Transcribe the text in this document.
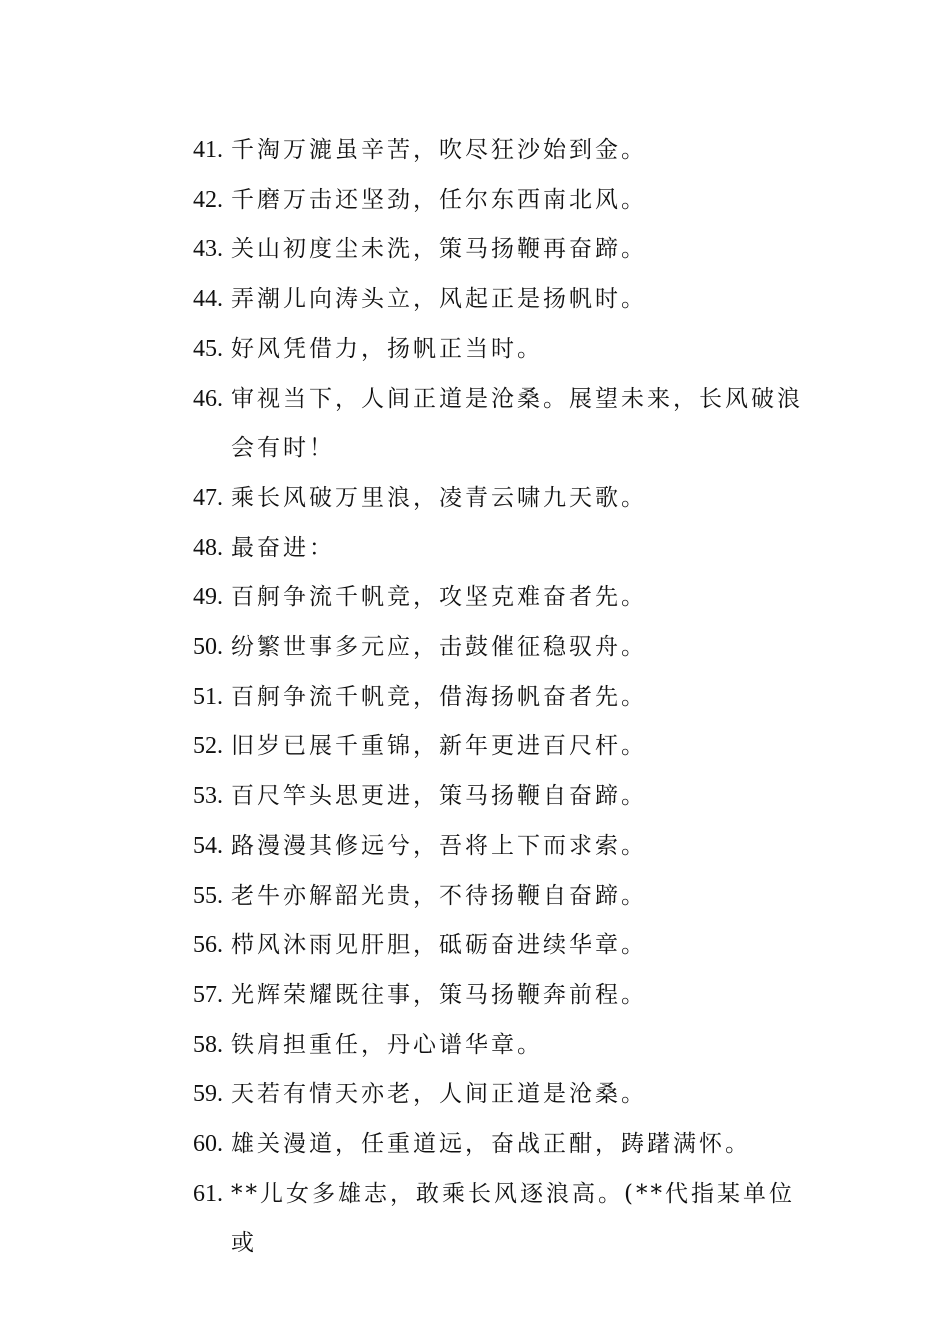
41. 千淘万漉虽辛苦，吹尽狂沙始到金。
42. 千磨万击还坚劲，任尔东西南北风。
43. 关山初度尘未洗，策马扬鞭再奋蹄。
44. 弄潮儿向涛头立，风起正是扬帆时。
45. 好风凭借力，扬帆正当时。
46. 审视当下，人间正道是沧桑。展望未来，长风破浪会有时！
47. 乘长风破万里浪，凌青云啸九天歌。
48. 最奋进：
49. 百舸争流千帆竞，攻坚克难奋者先。
50. 纷繁世事多元应，击鼓催征稳驭舟。
51. 百舸争流千帆竞，借海扬帆奋者先。
52. 旧岁已展千重锦，新年更进百尺杆。
53. 百尺竿头思更进，策马扬鞭自奋蹄。
54. 路漫漫其修远兮，吾将上下而求索。
55. 老牛亦解韶光贵，不待扬鞭自奋蹄。
56. 栉风沐雨见肝胆，砥砺奋进续华章。
57. 光辉荣耀既往事，策马扬鞭奔前程。
58. 铁肩担重任，丹心谱华章。
59. 天若有情天亦老，人间正道是沧桑。
60. 雄关漫道，任重道远，奋战正酣，踌躇满怀。
61. **儿女多雄志，敢乘长风逐浪高。(**代指某单位或
